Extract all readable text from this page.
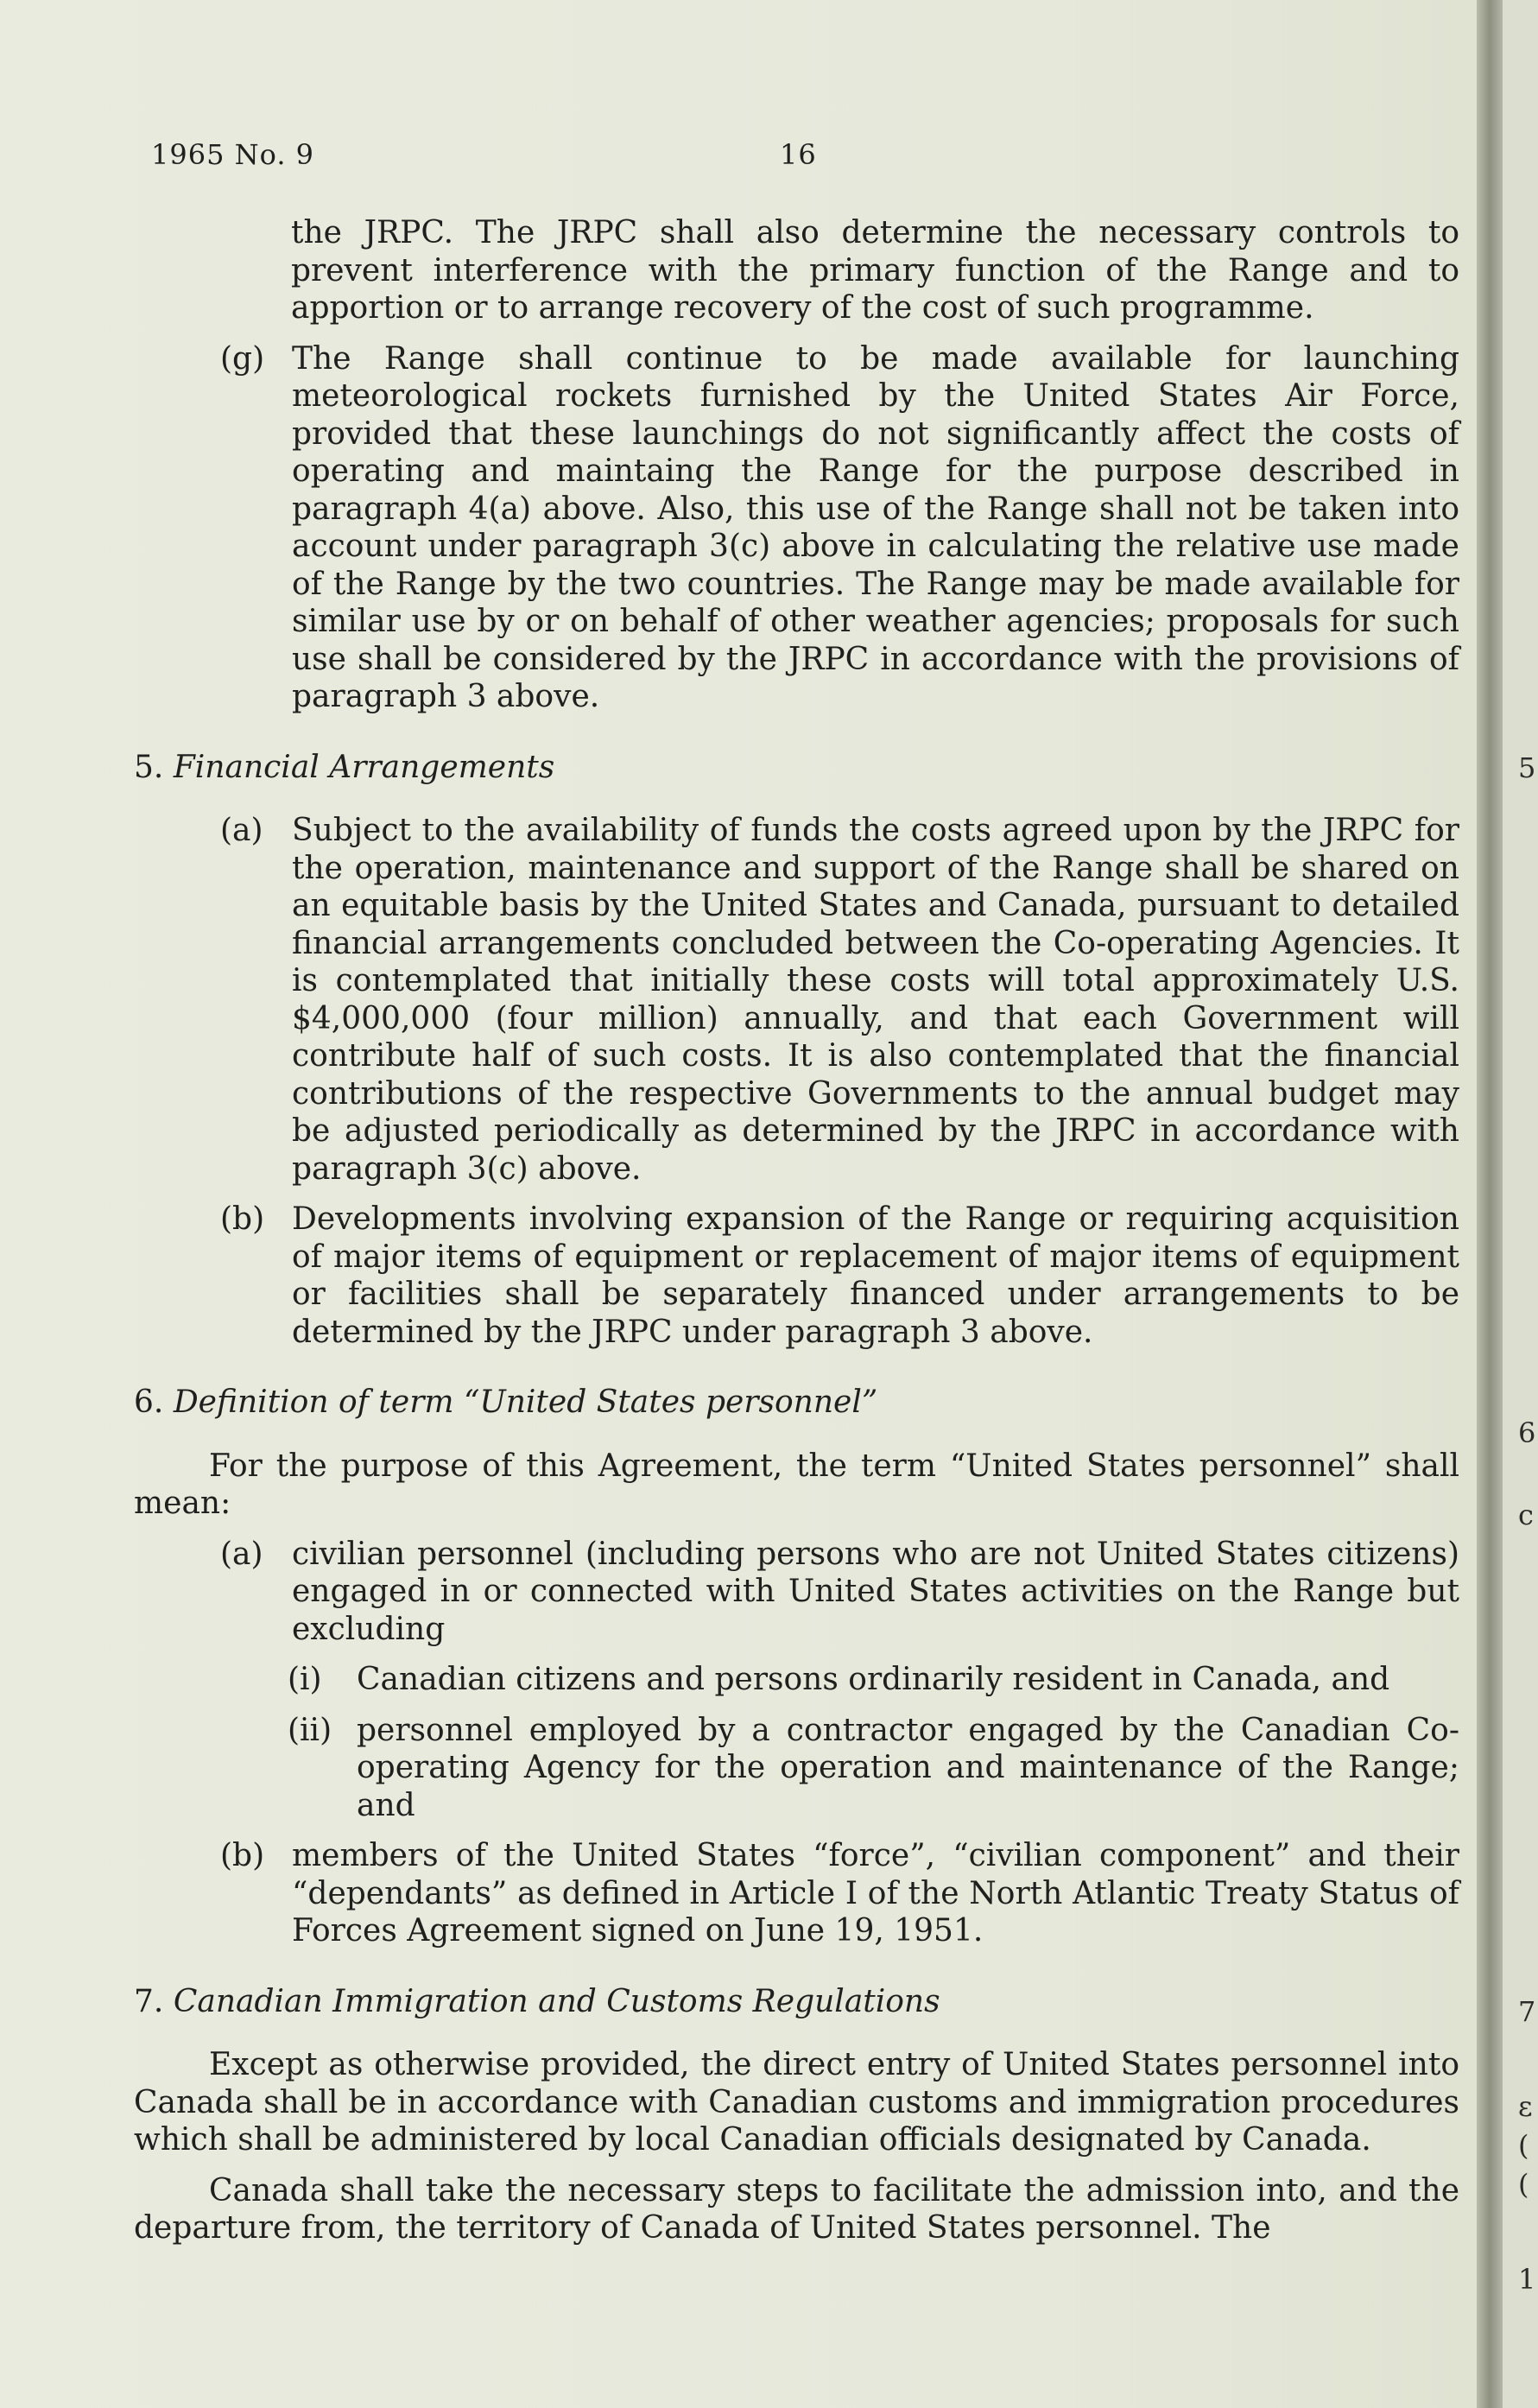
5
6
c
7
ε
(
(
1
1965 No. 9	16

the JRPC. The JRPC shall also determine the necessary controls to prevent interference with the primary function of the Range and to apportion or to arrange recovery of the cost of such programme.

(g) The Range shall continue to be made available for launching meteorological rockets furnished by the United States Air Force, provided that these launchings do not significantly affect the costs of operating and maintaing the Range for the purpose described in paragraph 4(a) above. Also, this use of the Range shall not be taken into account under paragraph 3(c) above in calculating the relative use made of the Range by the two countries. The Range may be made available for similar use by or on behalf of other weather agencies; proposals for such use shall be considered by the JRPC in accordance with the provisions of paragraph 3 above.
5. Financial Arrangements
(a) Subject to the availability of funds the costs agreed upon by the JRPC for the operation, maintenance and support of the Range shall be shared on an equitable basis by the United States and Canada, pursuant to detailed financial arrangements concluded between the Co-operating Agencies. It is contemplated that initially these costs will total approximately U.S. $4,000,000 (four million) annually, and that each Government will contribute half of such costs. It is also contemplated that the financial contributions of the respective Governments to the annual budget may be adjusted periodically as determined by the JRPC in accordance with paragraph 3(c) above.
(b) Developments involving expansion of the Range or requiring acquisition of major items of equipment or replacement of major items of equipment or facilities shall be separately financed under arrangements to be determined by the JRPC under paragraph 3 above.
6. Definition of term “United States personnel”

For the purpose of this Agreement, the term “United States personnel” shall mean:

(a) civilian personnel (including persons who are not United States citizens) engaged in or connected with United States activities on the Range but excluding
(i)	Canadian citizens and persons ordinarily resident in Canada, and
(ii) personnel employed by a contractor engaged by the Canadian Co-operating Agency for the operation and maintenance of the Range; and
(b) members of the United States “force”, “civilian component” and their “dependants” as defined in Article I of the North Atlantic Treaty Status of Forces Agreement signed on June 19, 1951.
7. Canadian Immigration and Customs Regulations

Except as otherwise provided, the direct entry of United States personnel into Canada shall be in accordance with Canadian customs and immigration procedures which shall be administered by local Canadian officials designated by Canada.

Canada shall take the necessary steps to facilitate the admission into, and the departure from, the territory of Canada of United States personnel. The
